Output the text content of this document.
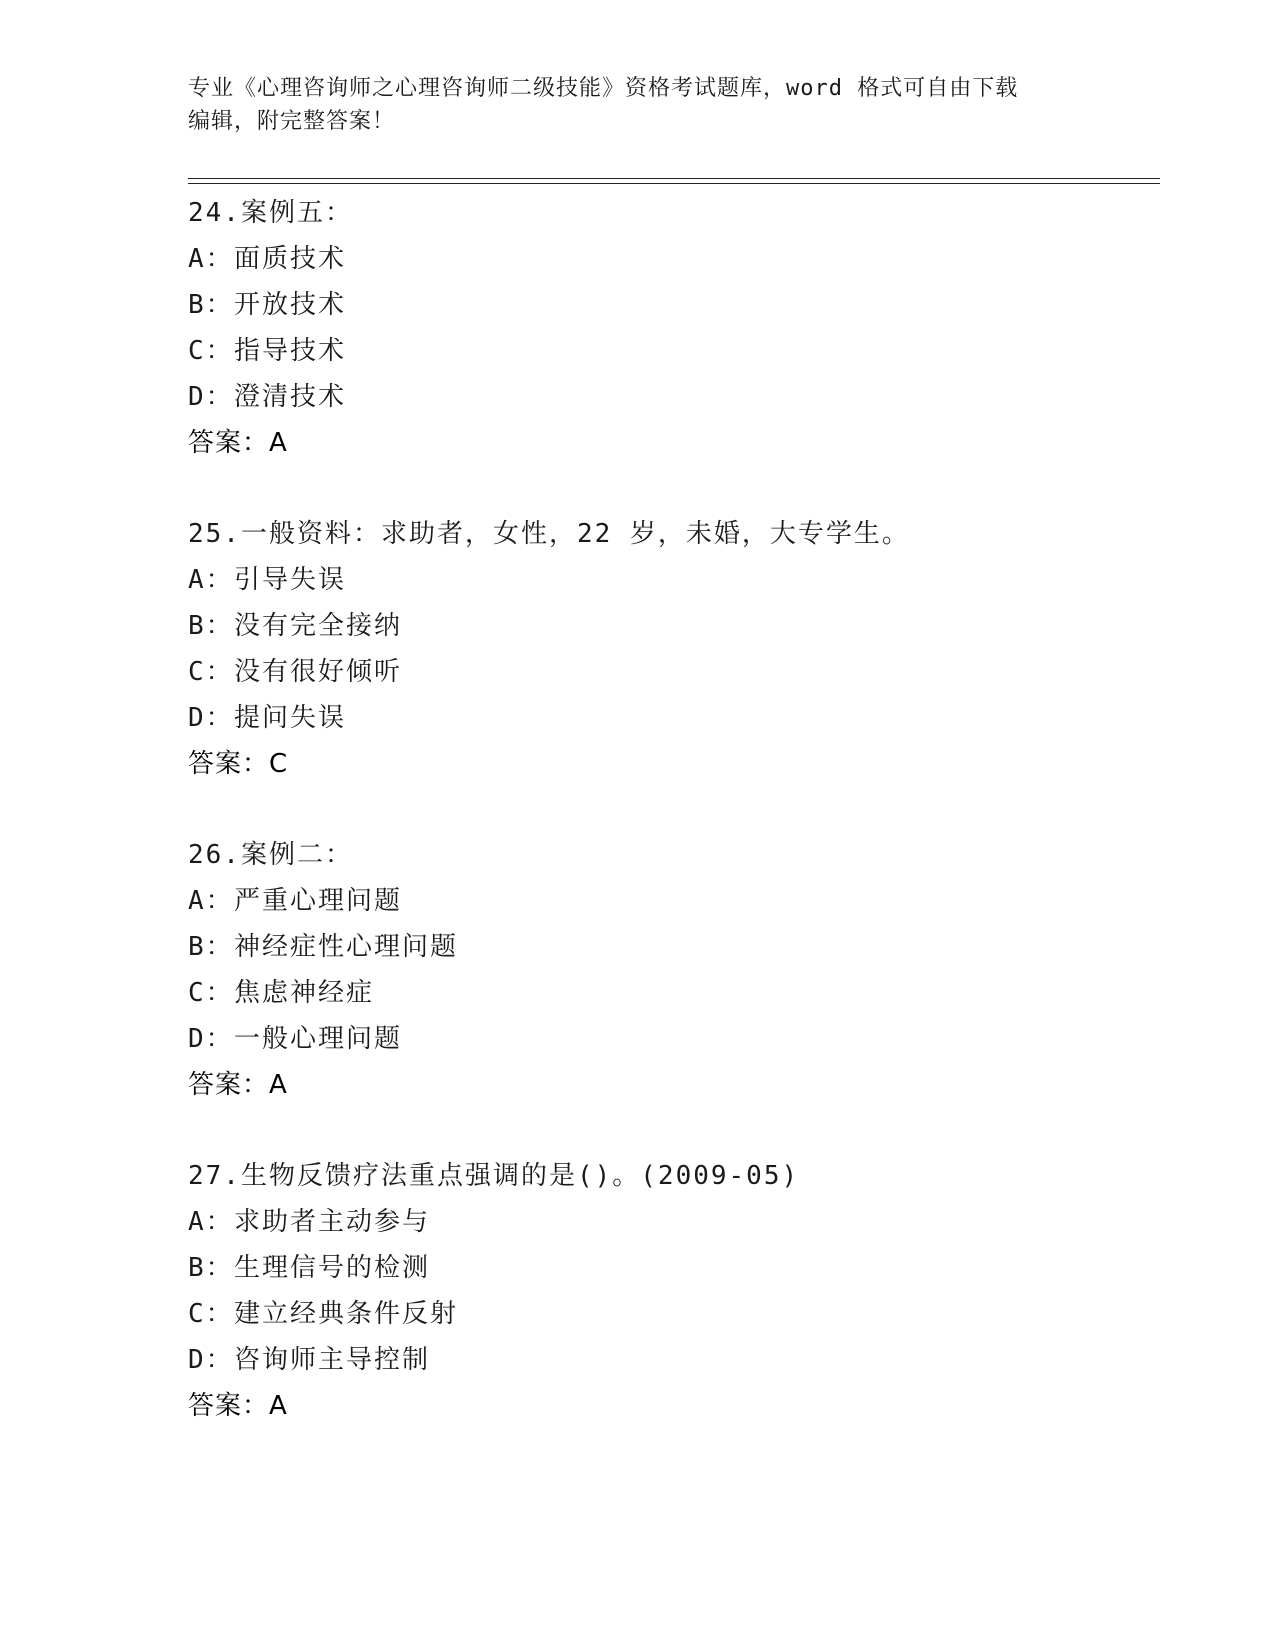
专业《心理咨询师之心理咨询师二级技能》资格考试题库，word 格式可自由下载
编辑，附完整答案！
24.案例五：
A：面质技术
B：开放技术
C：指导技术
D：澄清技术
答案：A
25.一般资料：求助者，女性，22 岁，未婚，大专学生。
A：引导失误
B：没有完全接纳
C：没有很好倾听
D：提问失误
答案：C
26.案例二：
A：严重心理问题
B：神经症性心理问题
C：焦虑神经症
D：一般心理问题
答案：A
27.生物反馈疗法重点强调的是()。(2009-05)
A：求助者主动参与
B：生理信号的检测
C：建立经典条件反射
D：咨询师主导控制
答案：A
